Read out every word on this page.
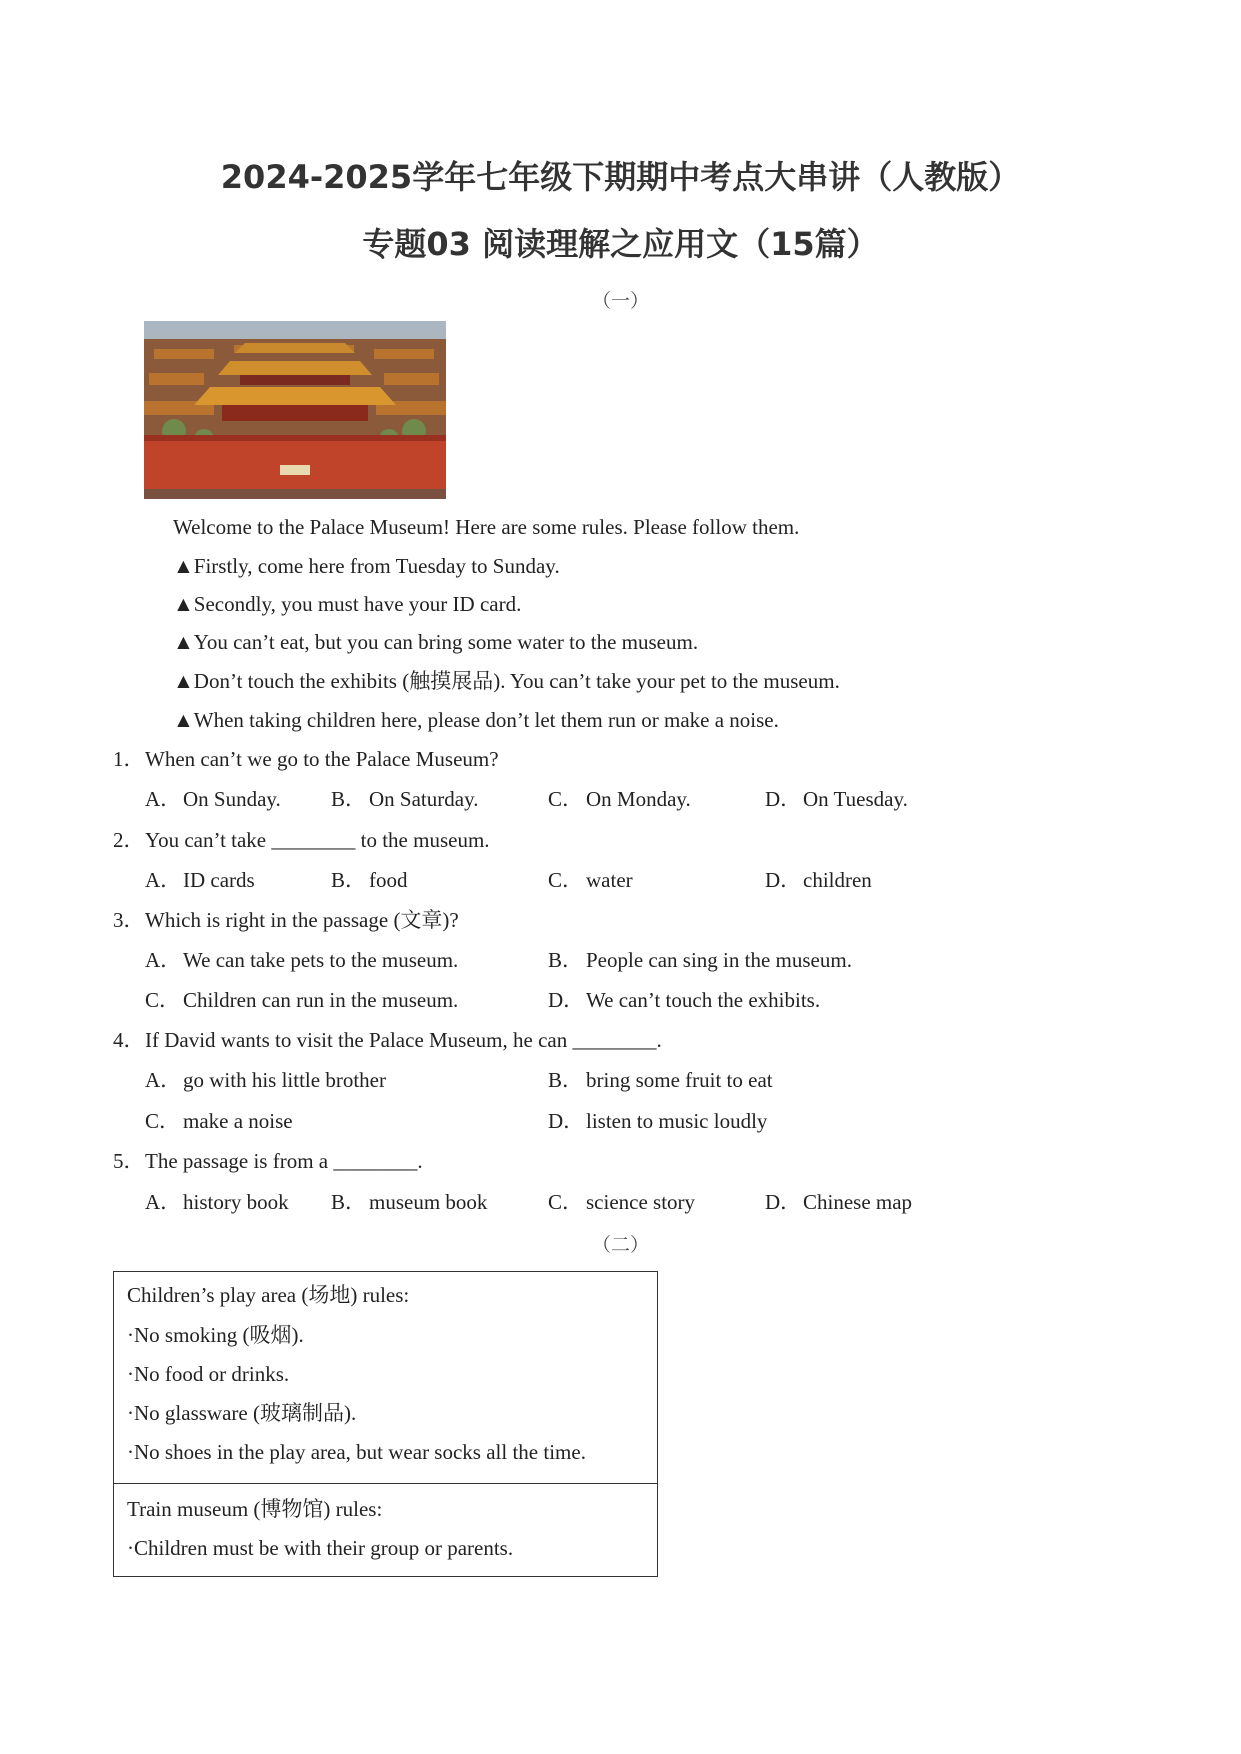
2024-2025学年七年级下期期中考点大串讲（人教版）
专题03 阅读理解之应用文（15篇）
（一）
Welcome to the Palace Museum! Here are some rules. Please follow them.
▲Firstly, come here from Tuesday to Sunday.
▲Secondly, you must have your ID card.
▲You can’t eat, but you can bring some water to the museum.
▲Don’t touch the exhibits (触摸展品). You can’t take your pet to the museum.
▲When taking children here, please don’t let them run or make a noise.
1．When can’t we go to the Palace Museum?
A．On Sunday. B． On Saturday.	C． On Monday.	D．On Tuesday.
2．You can’t take ________ to the museum.
A．ID cards	B． food	C． water	D．children
3．Which is right in the passage (文章)?
A．We can take pets to the museum.	B． People can sing in the museum.
C． Children can run in the museum.	D．We can’t touch the exhibits.
4．If David wants to visit the Palace Museum, he can ________.
A．go with his little brother	B． bring some fruit to eat
C． make a noise	D．listen to music loudly
5．The passage is from a ________.
A．history book B． museum book	C． science story	D．Chinese map
（二）
Children’s play area (场地) rules:
·No smoking (吸烟).
·No food or drinks.
·No glassware (玻璃制品).
·No shoes in the play area, but wear socks all the time.
Train museum (博物馆) rules:
·Children must be with their group or parents.
